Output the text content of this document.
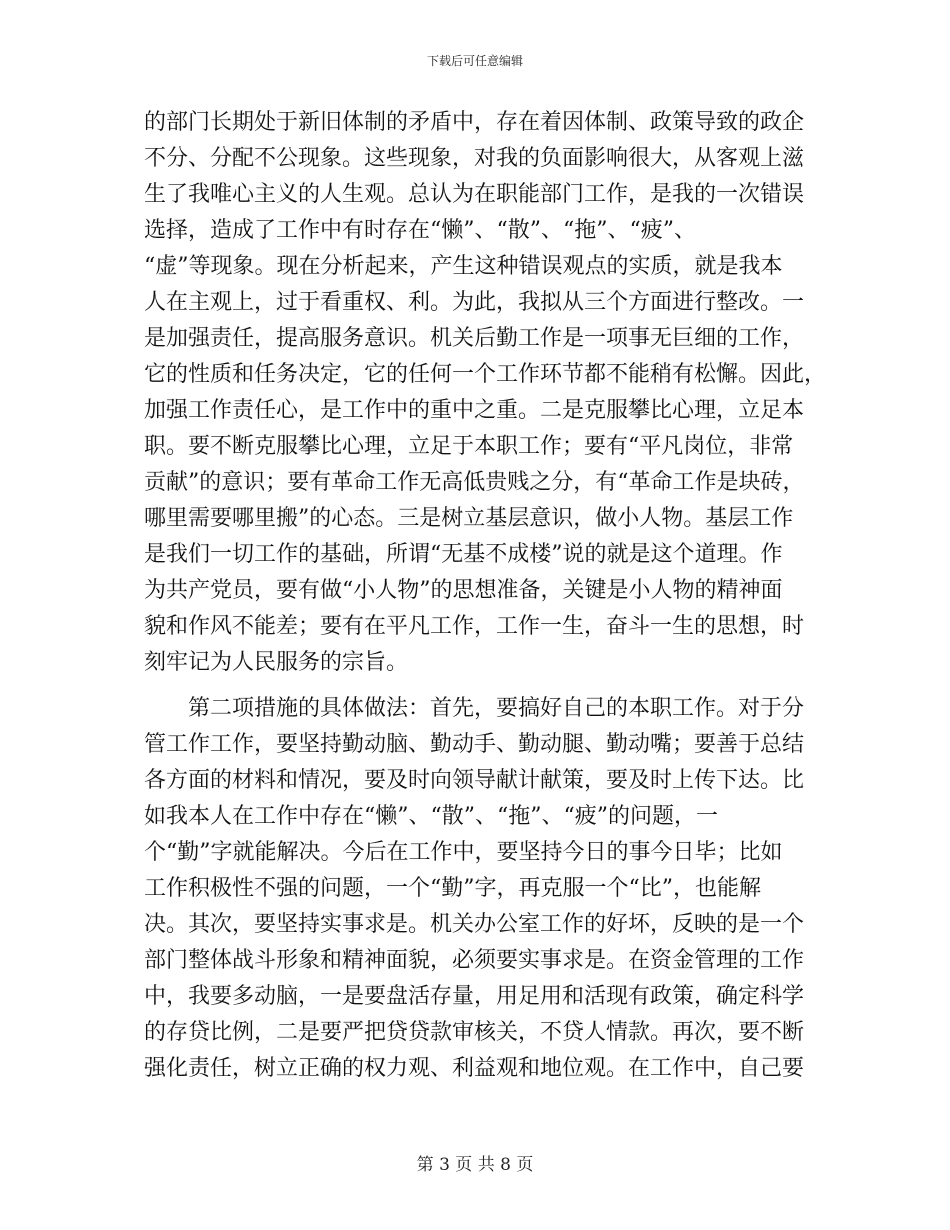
下载后可任意编辑
的部门长期处于新旧体制的矛盾中，存在着因体制、政策导致的政企
不分、分配不公现象。这些现象，对我的负面影响很大，从客观上滋
生了我唯心主义的人生观。总认为在职能部门工作，是我的一次错误
选择，造成了工作中有时存在“懒”、“散”、“拖”、“疲”、
“虚”等现象。现在分析起来，产生这种错误观点的实质，就是我本
人在主观上，过于看重权、利。为此，我拟从三个方面进行整改。一
是加强责任，提高服务意识。机关后勤工作是一项事无巨细的工作，
它的性质和任务决定，它的任何一个工作环节都不能稍有松懈。因此，
加强工作责任心，是工作中的重中之重。二是克服攀比心理，立足本
职。要不断克服攀比心理，立足于本职工作；要有“平凡岗位，非常
贡献”的意识；要有革命工作无高低贵贱之分，有“革命工作是块砖，
哪里需要哪里搬”的心态。三是树立基层意识，做小人物。基层工作
是我们一切工作的基础，所谓“无基不成楼”说的就是这个道理。作
为共产党员，要有做“小人物”的思想准备，关键是小人物的精神面
貌和作风不能差；要有在平凡工作，工作一生，奋斗一生的思想，时
刻牢记为人民服务的宗旨。
第二项措施的具体做法：首先，要搞好自己的本职工作。对于分
管工作工作，要坚持勤动脑、勤动手、勤动腿、勤动嘴；要善于总结
各方面的材料和情况，要及时向领导献计献策，要及时上传下达。比
如我本人在工作中存在“懒”、“散”、“拖”、“疲”的问题，一
个“勤”字就能解决。今后在工作中，要坚持今日的事今日毕；比如
工作积极性不强的问题，一个“勤”字，再克服一个“比”，也能解
决。其次，要坚持实事求是。机关办公室工作的好坏，反映的是一个
部门整体战斗形象和精神面貌，必须要实事求是。在资金管理的工作
中，我要多动脑，一是要盘活存量，用足用和活现有政策，确定科学
的存贷比例，二是要严把贷贷款审核关，不贷人情款。再次，要不断
强化责任，树立正确的权力观、利益观和地位观。在工作中，自己要
第 3 页 共 8 页
